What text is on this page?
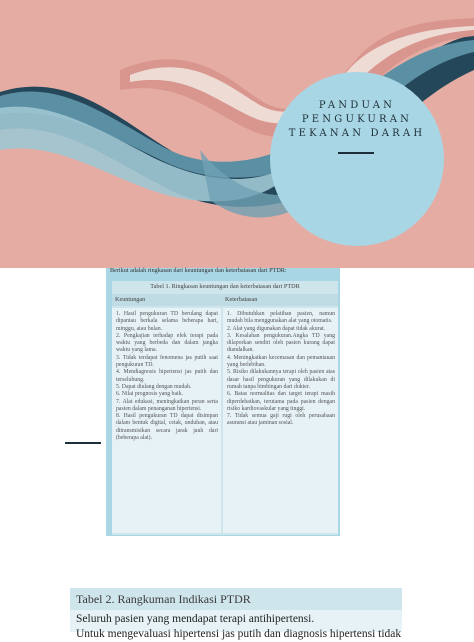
PANDUAN
PENGUKURAN
TEKANAN DARAH
Berikut adalah ringkasan dari keuntungan dan keterbatasan dari PTDR:
Tabel 1. Ringkasan keuntungan dan keterbatasan dari PTDR
Keuntungan	Keterbatasan

1. Hasil pengukuran TD berulang dapat dipantau berkala selama beberapa hari, minggu, atau bulan.

2. Pengkajian terhadap efek terapi pada waktu yang berbeda dan dalam jangka waktu yang lama.

3. Tidak terdapat fenomena jas putih saat pengukuran TD.

4. Mendiagnosis hipertensi jas putih dan terselubung.

5. Dapat diulang dengan mudah.

6. Nilai prognosis yang baik.

7. Alat edukasi, meningkatkan peran serta pasien dalam penanganan hipertensi.

8. Hasil pengukuran TD dapat disimpan dalam bentuk digital, cetak, unduhan, atau ditransmisikan secara jarak jauh dari (beberapa alat).

1. Dibutuhkan pelatihan pasien, namun mudah bila menggunakan alat yang otomatis.

2. Alat yang digunakan dapat tidak akurat.

3. Kesalahan pengukuran.Angka TD yang dilaporkan sendiri oleh pasien kurang dapat diandalkan.

4. Meningkatkan kecemasan dan pemantauan yang berlebihan.

5. Risiko dilakukannya terapi oleh pasien atas dasar hasil pengukuran yang dilakukan di rumah tanpa bimbingan dari dokter.

6. Batas normalitas dan target terapi masih diperdebatkan, terutama pada pasien dengan risiko kardiovaskular yang tinggi.

7. Tidak semua gaji rugi oleh perusahaan asuransi atau jaminan sosial.

Tabel 2. Rangkuman Indikasi PTDR
Seluruh pasien yang mendapat terapi antihipertensi.
Untuk mengevaluasi hipertensi jas putih dan diagnosis hipertensi tidak
